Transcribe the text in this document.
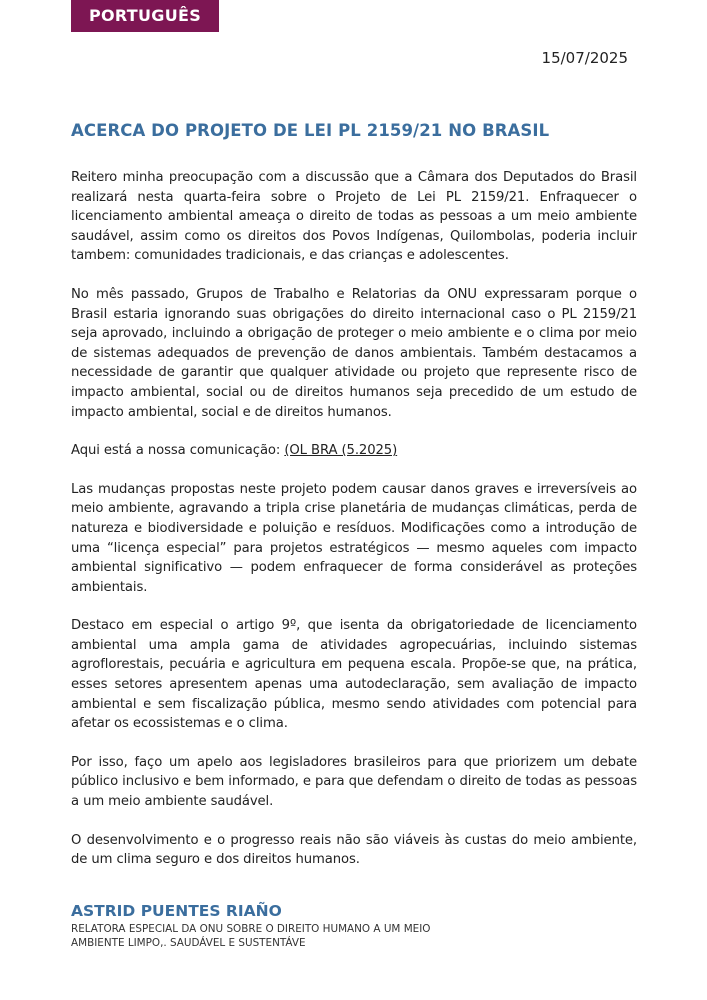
PORTUGUÊS
15/07/2025
ACERCA DO PROJETO DE LEI PL 2159/21 NO BRASIL

Reitero minha preocupação com a discussão que a Câmara dos Deputados do Brasil realizará nesta quarta-feira sobre o Projeto de Lei PL 2159/21. Enfraquecer o licenciamento ambiental ameaça o direito de todas as pessoas a um meio ambiente saudável, assim como os direitos dos Povos Indígenas, Quilombolas, poderia incluir tambem: comunidades tradicionais, e das crianças e adolescentes.

No mês passado, Grupos de Trabalho e Relatorias da ONU expressaram porque o Brasil estaria ignorando suas obrigações do direito internacional caso o PL 2159/21 seja aprovado, incluindo a obrigação de proteger o meio ambiente e o clima por meio de sistemas adequados de prevenção de danos ambientais. Também destacamos a necessidade de garantir que qualquer atividade ou projeto que represente risco de impacto ambiental, social ou de direitos humanos seja precedido de um estudo de impacto ambiental, social e de direitos humanos.

Aqui está a nossa comunicação: (OL BRA (5.2025)

Las mudanças propostas neste projeto podem causar danos graves e irreversíveis ao meio ambiente, agravando a tripla crise planetária de mudanças climáticas, perda de natureza e biodiversidade e poluição e resíduos. Modificações como a introdução de uma “licença especial” para projetos estratégicos — mesmo aqueles com impacto ambiental significativo — podem enfraquecer de forma considerável as proteções ambientais.

Destaco em especial o artigo 9º, que isenta da obrigatoriedade de licenciamento ambiental uma ampla gama de atividades agropecuárias, incluindo sistemas agroflorestais, pecuária e agricultura em pequena escala. Propõe-se que, na prática, esses setores apresentem apenas uma autodeclaração, sem avaliação de impacto ambiental e sem fiscalização pública, mesmo sendo atividades com potencial para afetar os ecossistemas e o clima.

Por isso, faço um apelo aos legisladores brasileiros para que priorizem um debate público inclusivo e bem informado, e para que defendam o direito de todas as pessoas a um meio ambiente saudável.

O desenvolvimento e o progresso reais não são viáveis às custas do meio ambiente, de um clima seguro e dos direitos humanos.

ASTRID PUENTES RIAÑO
RELATORA ESPECIAL DA ONU SOBRE O DIREITO HUMANO A UM MEIO AMBIENTE LIMPO,. SAUDÁVEL E SUSTENTÁVE
